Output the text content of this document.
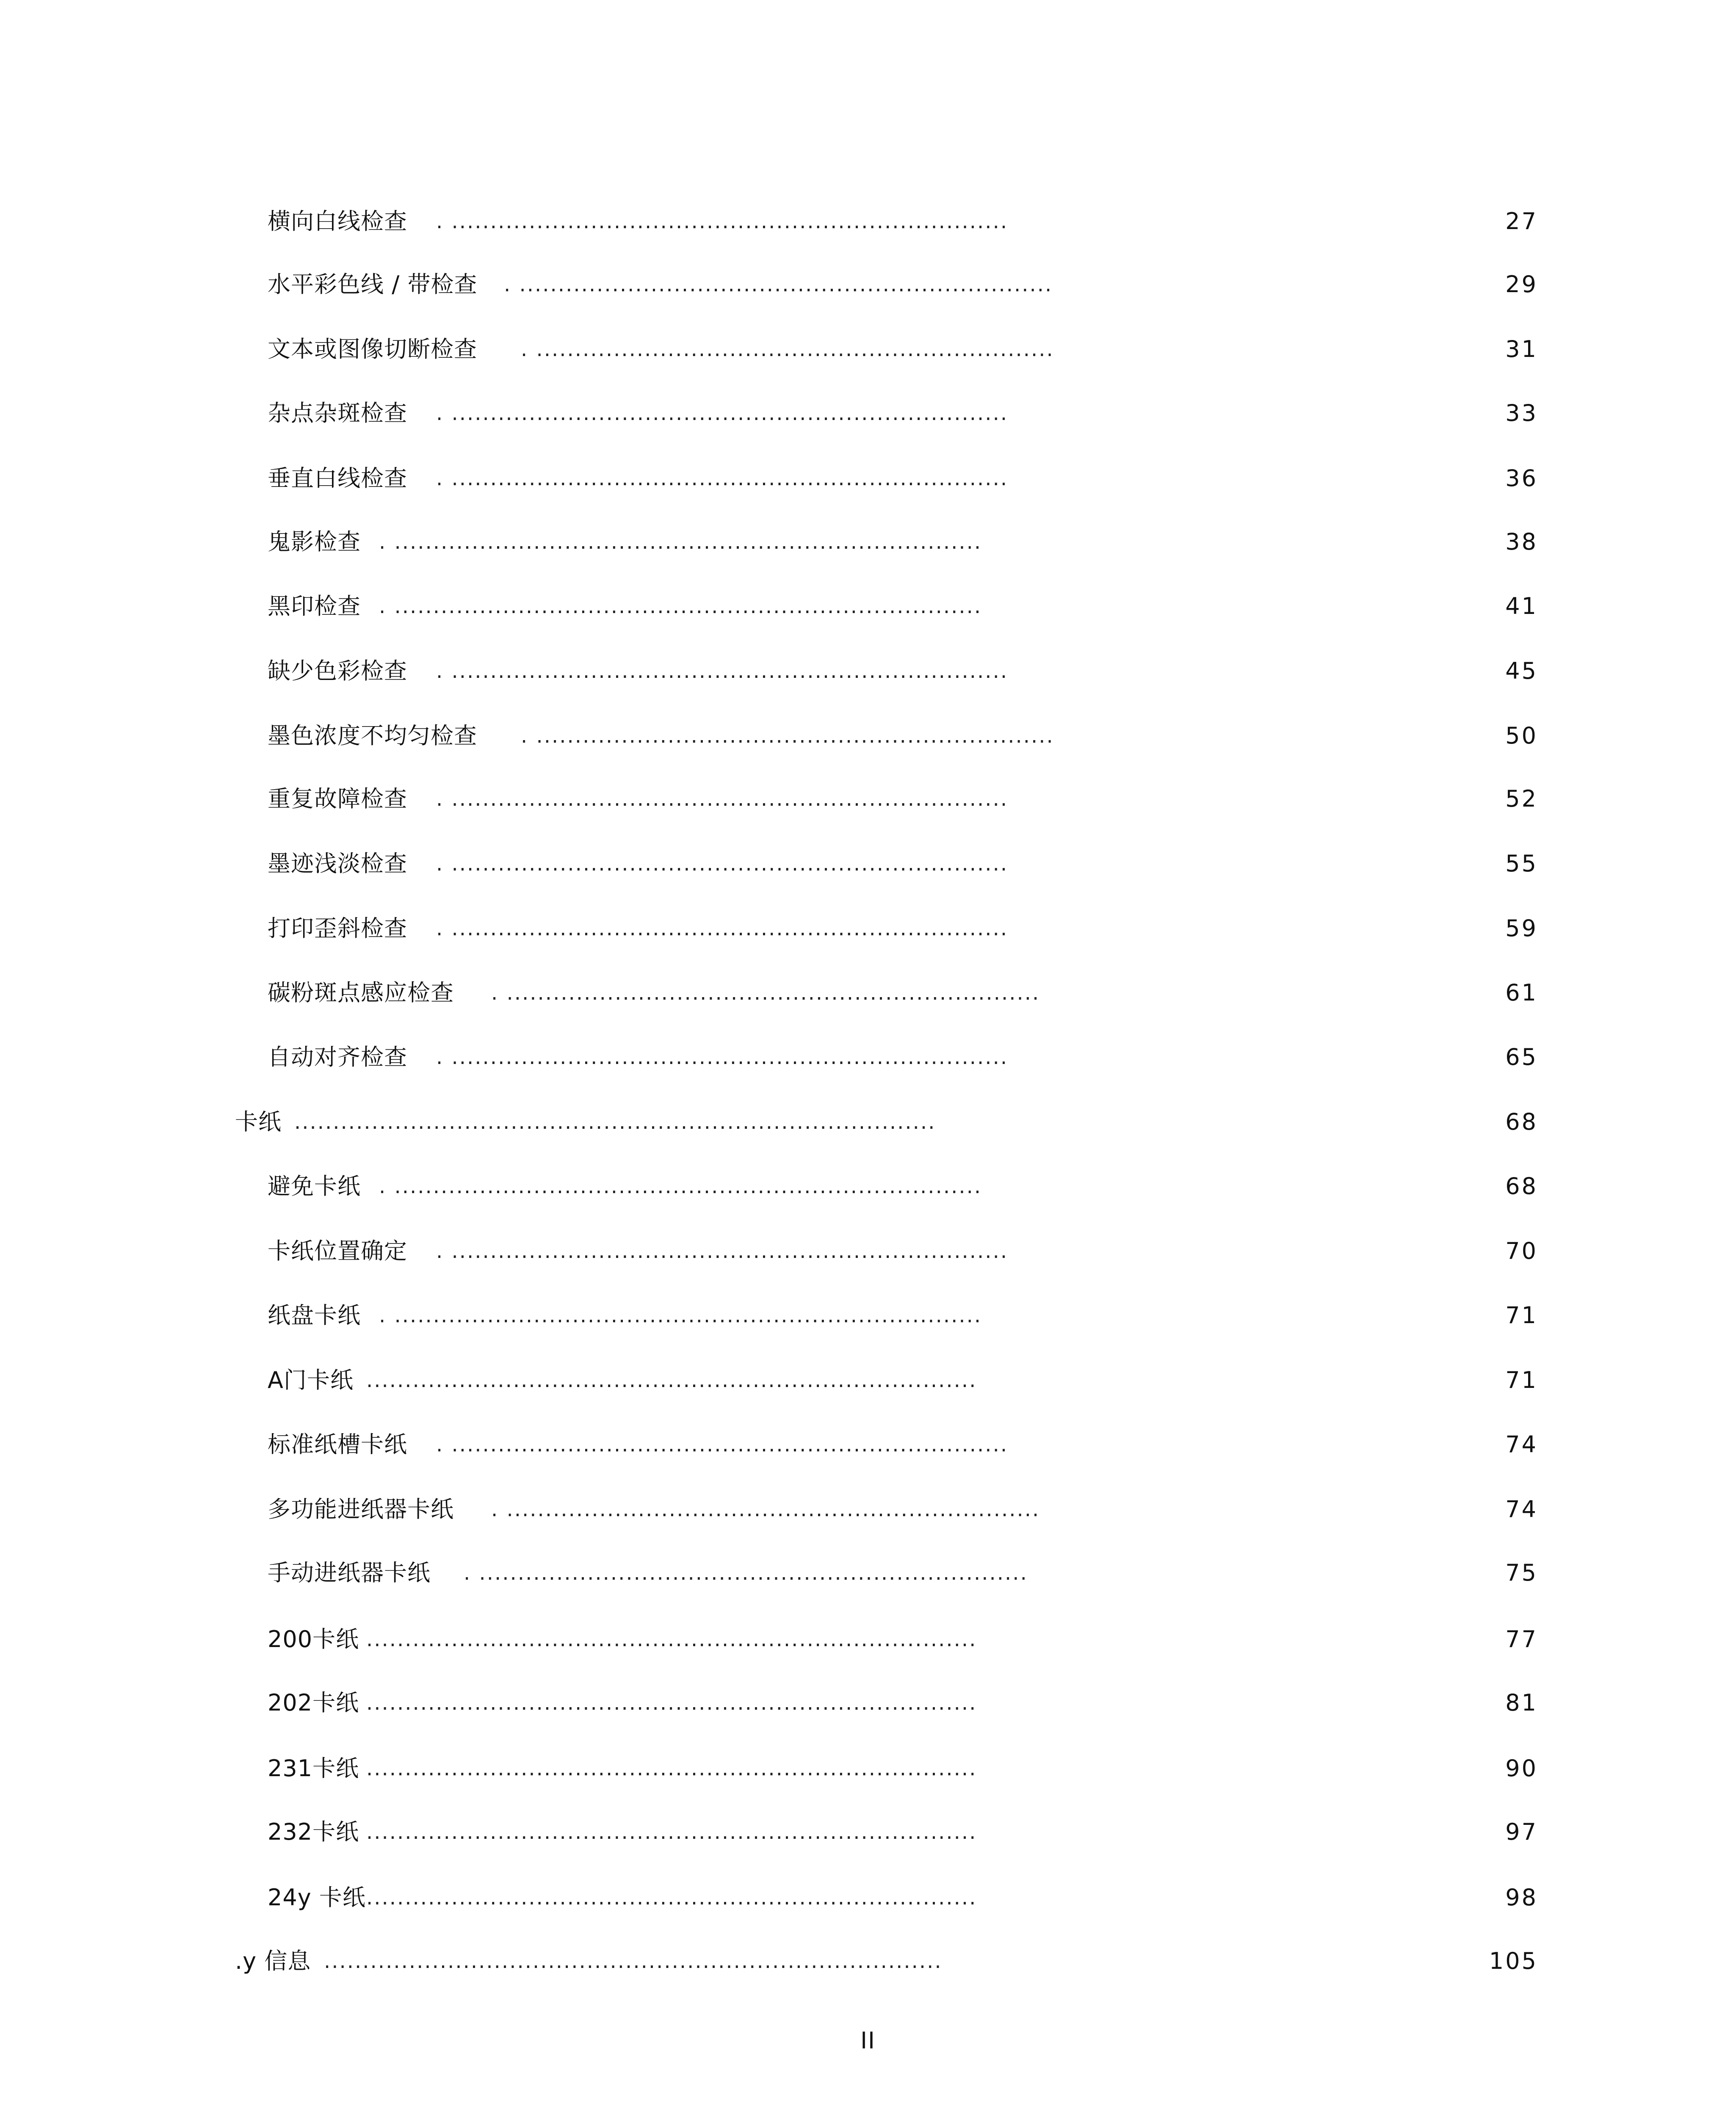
横向白线检查 . ........................................................................	27
水平彩色线 / 带检查 . .....................................................................	29
文本或图像切断检查 . ...................................................................	31
杂点杂斑检查 . ........................................................................	33
垂直白线检查 . ........................................................................	36
鬼影检查 . ............................................................................	38
黑印检查 . ............................................................................	41
缺少色彩检查 . ........................................................................	45
墨色浓度不均匀检查 . ...................................................................	50
重复故障检查 . ........................................................................	52
墨迹浅淡检查 . ........................................................................	55
打印歪斜检查 . ........................................................................	59
碳粉斑点感应检查 . .....................................................................	61
自动对齐检查 . ........................................................................	65
卡纸 ...................................................................................	68
避免卡纸 . ............................................................................	68
卡纸位置确定 . ........................................................................	70
纸盘卡纸 . ............................................................................	71
A门卡纸 ...............................................................................	71
标准纸槽卡纸 . ........................................................................	74
多功能进纸器卡纸 . .....................................................................	74
手动进纸器卡纸 . .......................................................................	75
200卡纸 ...............................................................................	77
202卡纸 ...............................................................................	81
231卡纸 ...............................................................................	90
232卡纸 ...............................................................................	97
24y 卡纸 ...............................................................................	98
.y 信息 ................................................................................	105
II
